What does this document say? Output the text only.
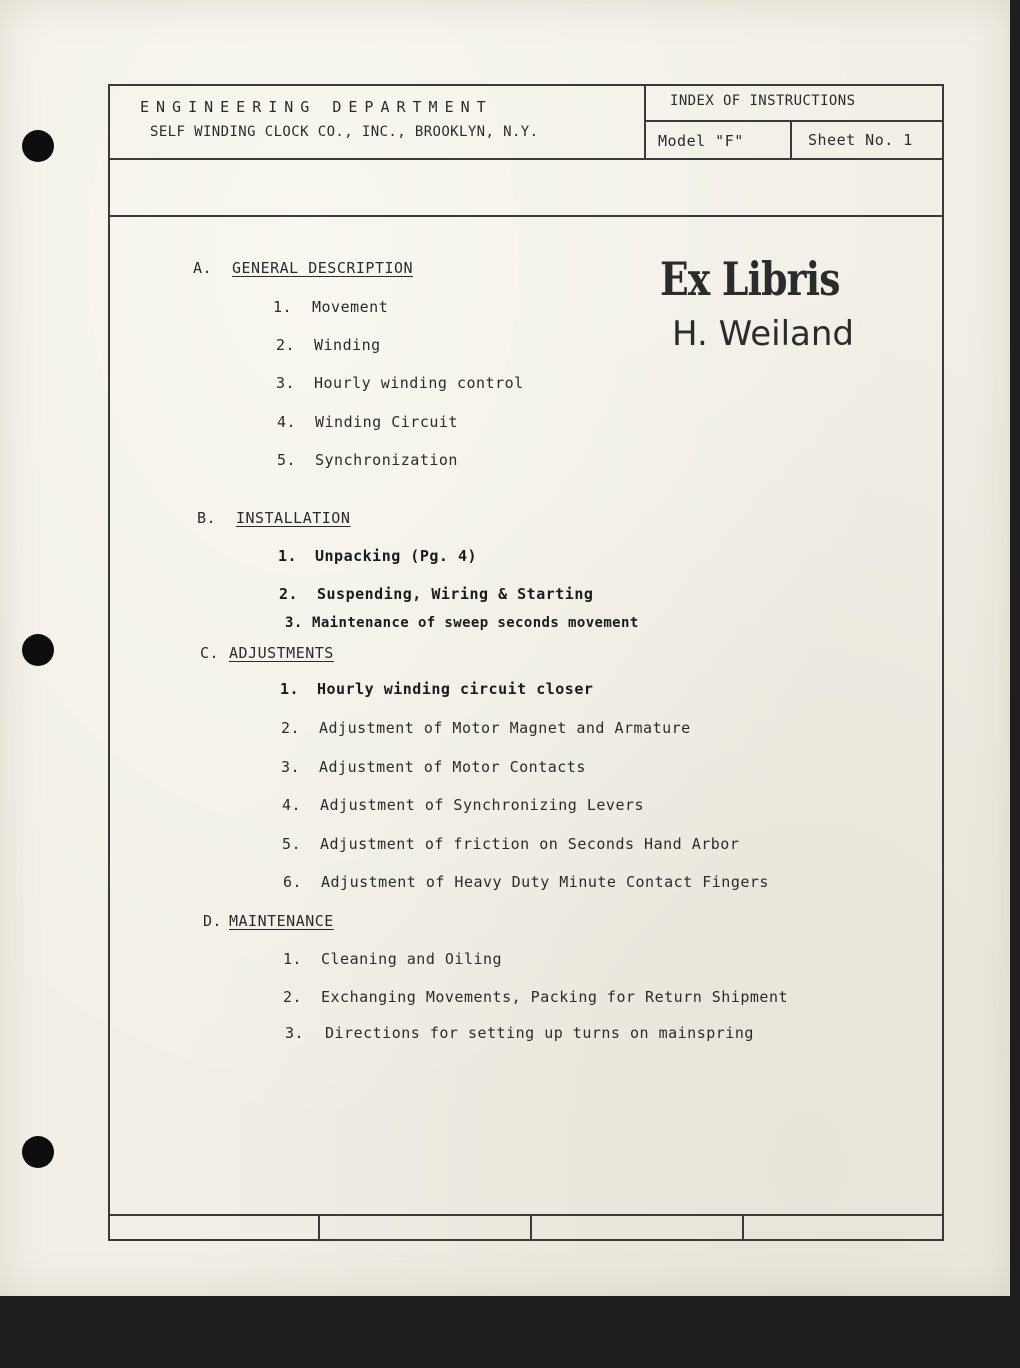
ENGINEERING DEPARTMENT
SELF WINDING CLOCK CO., INC., BROOKLYN, N.Y.
INDEX OF INSTRUCTIONS
Model "F"	Sheet No. 1
Ex Libris
H. Weiland
A. GENERAL DESCRIPTION
1. Movement
2. Winding
3. Hourly winding control
4. Winding Circuit
5. Synchronization
B. INSTALLATION
1. Unpacking (Pg. 4)
2. Suspending, Wiring & Starting
3. Maintenance of sweep seconds movement
C. ADJUSTMENTS
1. Hourly winding circuit closer
2. Adjustment of Motor Magnet and Armature
3. Adjustment of Motor Contacts
4. Adjustment of Synchronizing Levers
5. Adjustment of friction on Seconds Hand Arbor
6. Adjustment of Heavy Duty Minute Contact Fingers
D. MAINTENANCE
1. Cleaning and Oiling
2. Exchanging Movements, Packing for Return Shipment
3. Directions for setting up turns on mainspring
